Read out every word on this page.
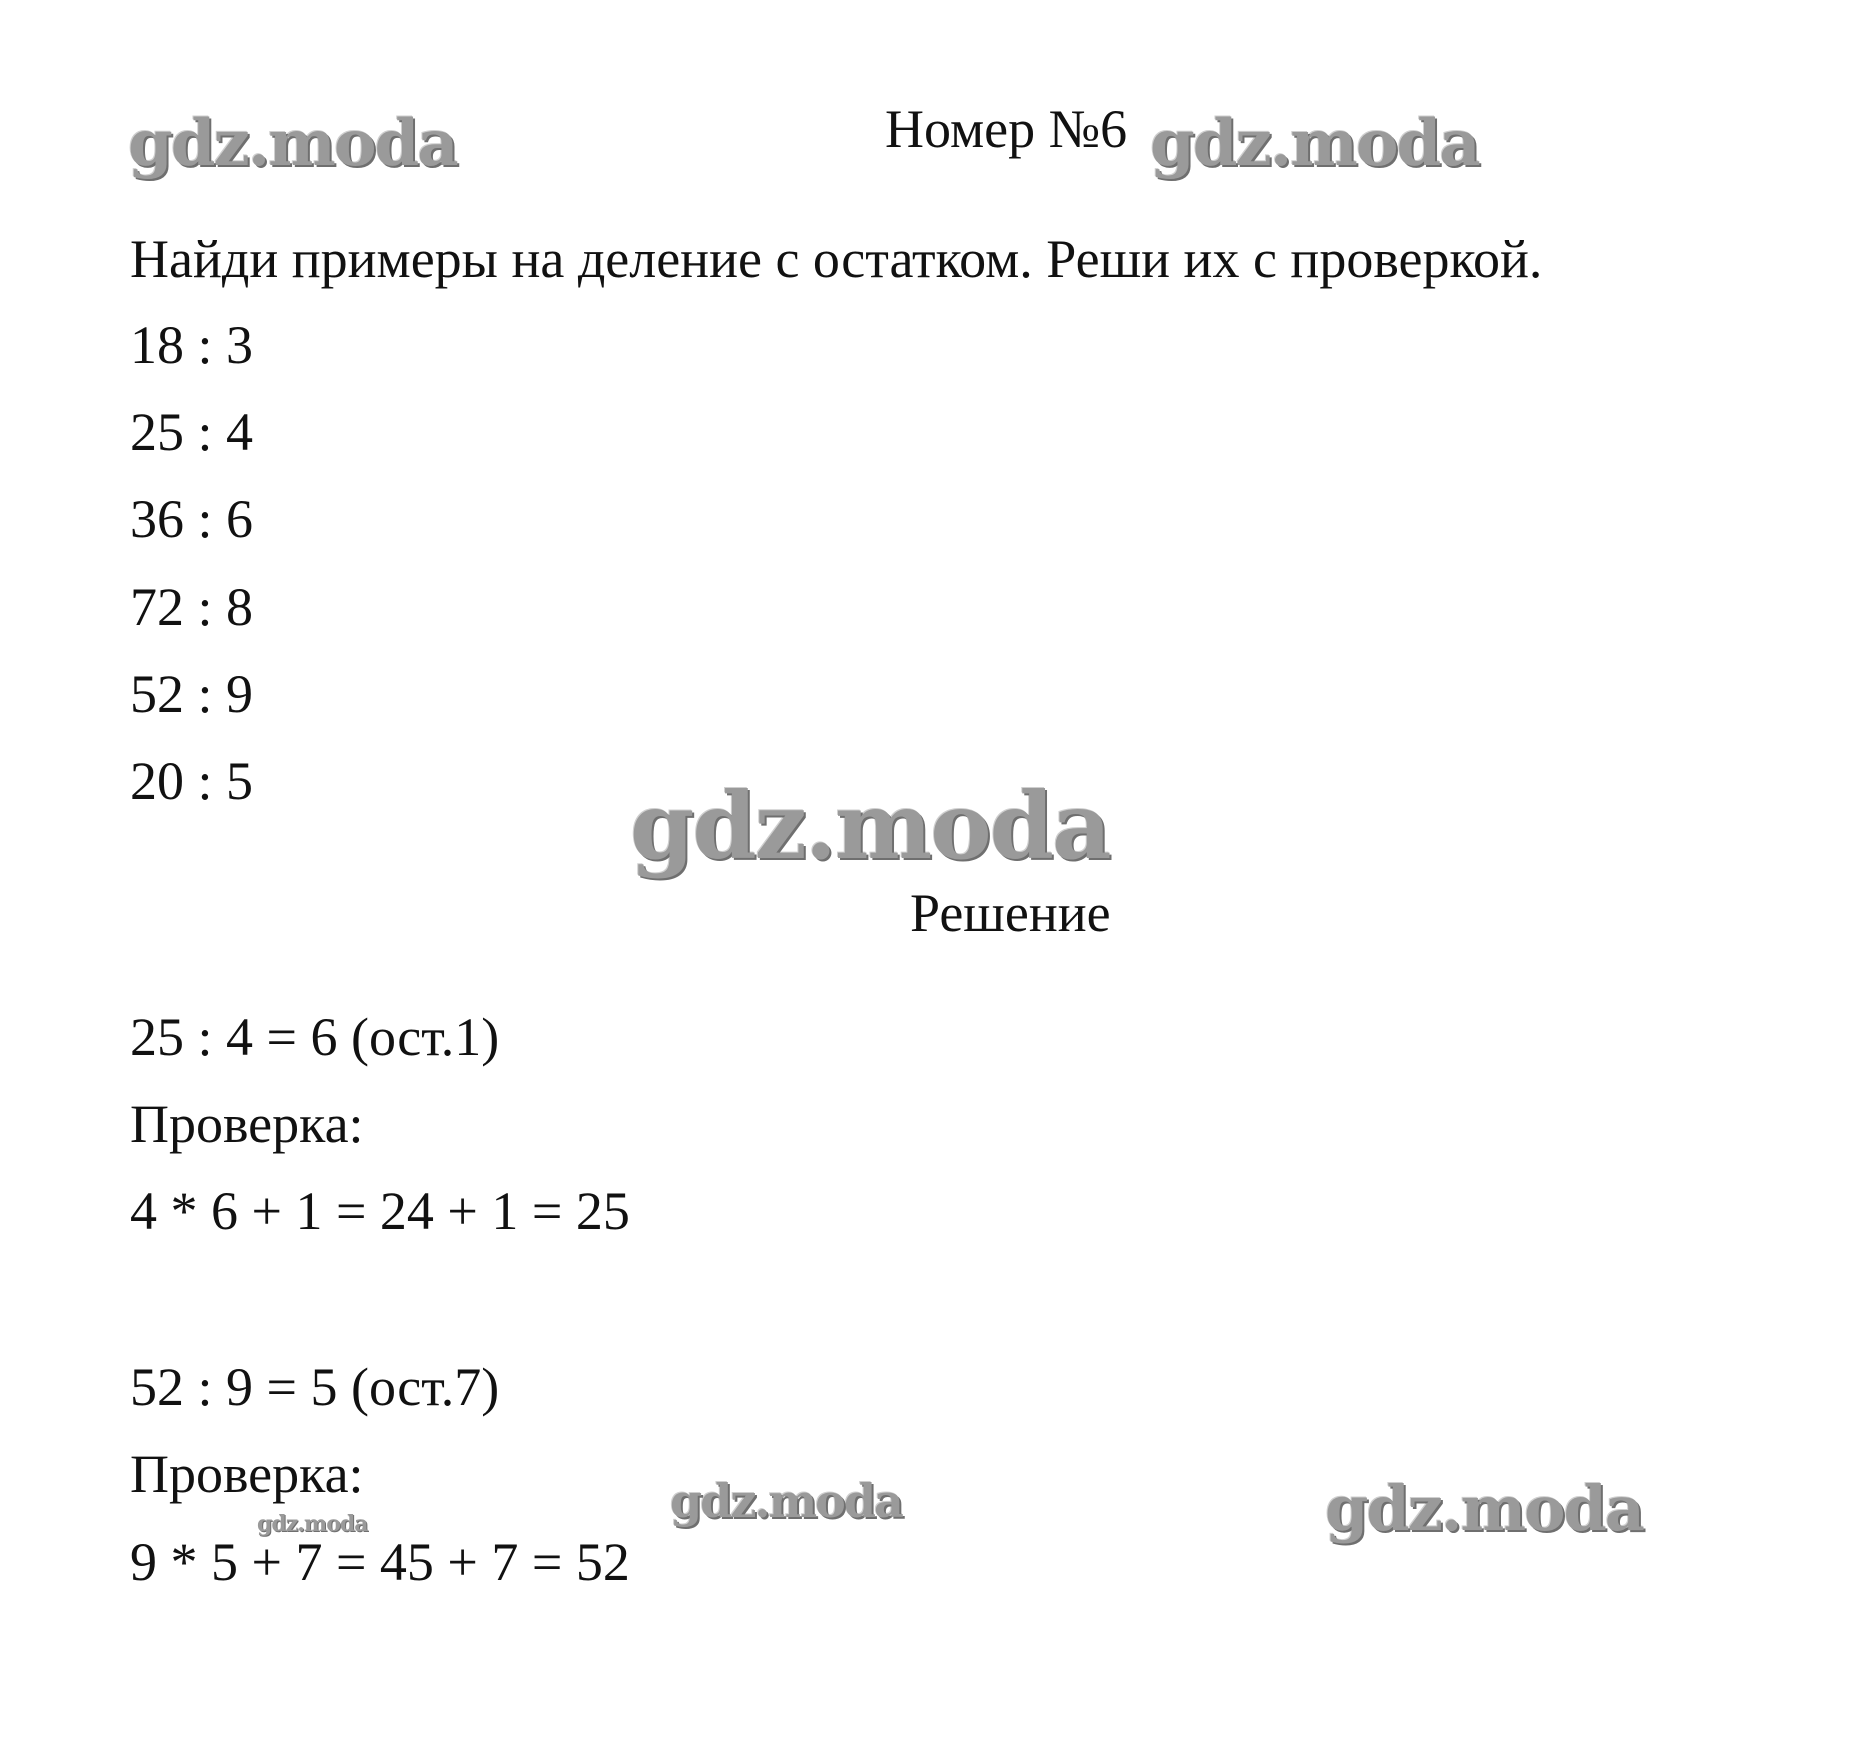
gdz.moda	gdz.moda
gdz.moda
gdz.moda	gdz.moda
gdz.moda
Номер №6
Найди примеры на деление с остатком. Реши их с проверкой.
18 : 3
25 : 4
36 : 6
72 : 8
52 : 9
20 : 5
Решение
25 : 4 = 6 (ост.1)
Проверка:
4 * 6 + 1 = 24 + 1 = 25
52 : 9 = 5 (ост.7)
Проверка:
9 * 5 + 7 = 45 + 7 = 52
